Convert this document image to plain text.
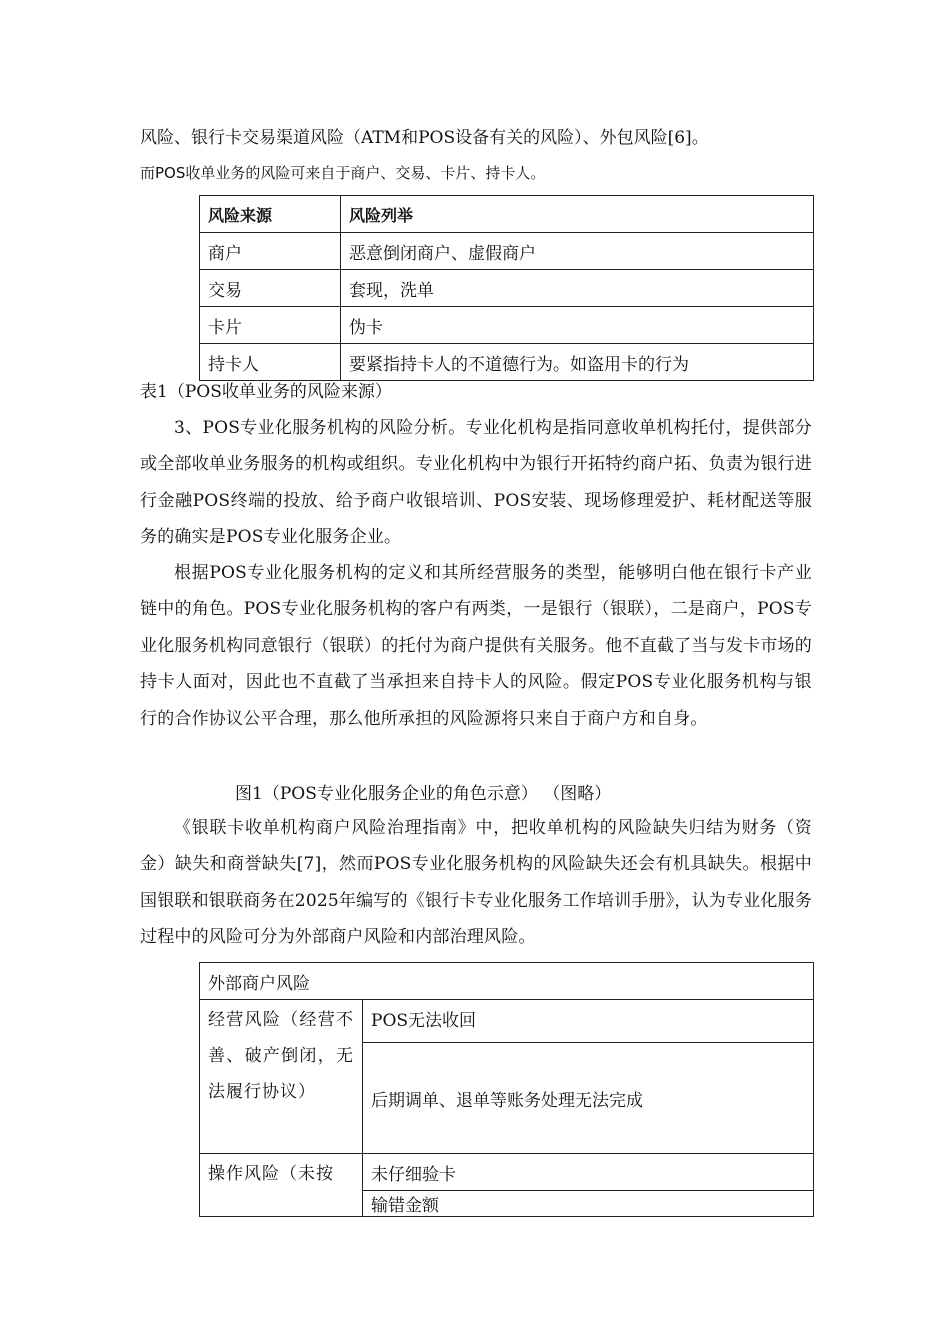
风险、银行卡交易渠道风险（ATM和POS设备有关的风险）、外包风险[6]。
而POS收单业务的风险可来自于商户、交易、卡片、持卡人。
风险来源	风险列举
商户	恶意倒闭商户、虚假商户
交易	套现，洗单
卡片	伪卡
持卡人	要紧指持卡人的不道德行为。如盗用卡的行为
表1（POS收单业务的风险来源）
3、POS专业化服务机构的风险分析。专业化机构是指同意收单机构托付，提供部分或全部收单业务服务的机构或组织。专业化机构中为银行开拓特约商户拓、负责为银行进行金融POS终端的投放、给予商户收银培训、POS安装、现场修理爱护、耗材配送等服务的确实是POS专业化服务企业。
根据POS专业化服务机构的定义和其所经营服务的类型，能够明白他在银行卡产业链中的角色。POS专业化服务机构的客户有两类，一是银行（银联），二是商户，POS专业化服务机构同意银行（银联）的托付为商户提供有关服务。他不直截了当与发卡市场的持卡人面对，因此也不直截了当承担来自持卡人的风险。假定POS专业化服务机构与银行的合作协议公平合理，那么他所承担的风险源将只来自于商户方和自身。
图1（POS专业化服务企业的角色示意） （图略）
《银联卡收单机构商户风险治理指南》中，把收单机构的风险缺失归结为财务（资金）缺失和商誉缺失[7]，然而POS专业化服务机构的风险缺失还会有机具缺失。根据中国银联和银联商务在2025年编写的《银行卡专业化服务工作培训手册》，认为专业化服务过程中的风险可分为外部商户风险和内部治理风险。
外部商户风险	
经营风险（经营不善、破产倒闭，无法履行协议）	POS无法收回
	后期调单、退单等账务处理无法完成
操作风险（未按	未仔细验卡
	输错金额
